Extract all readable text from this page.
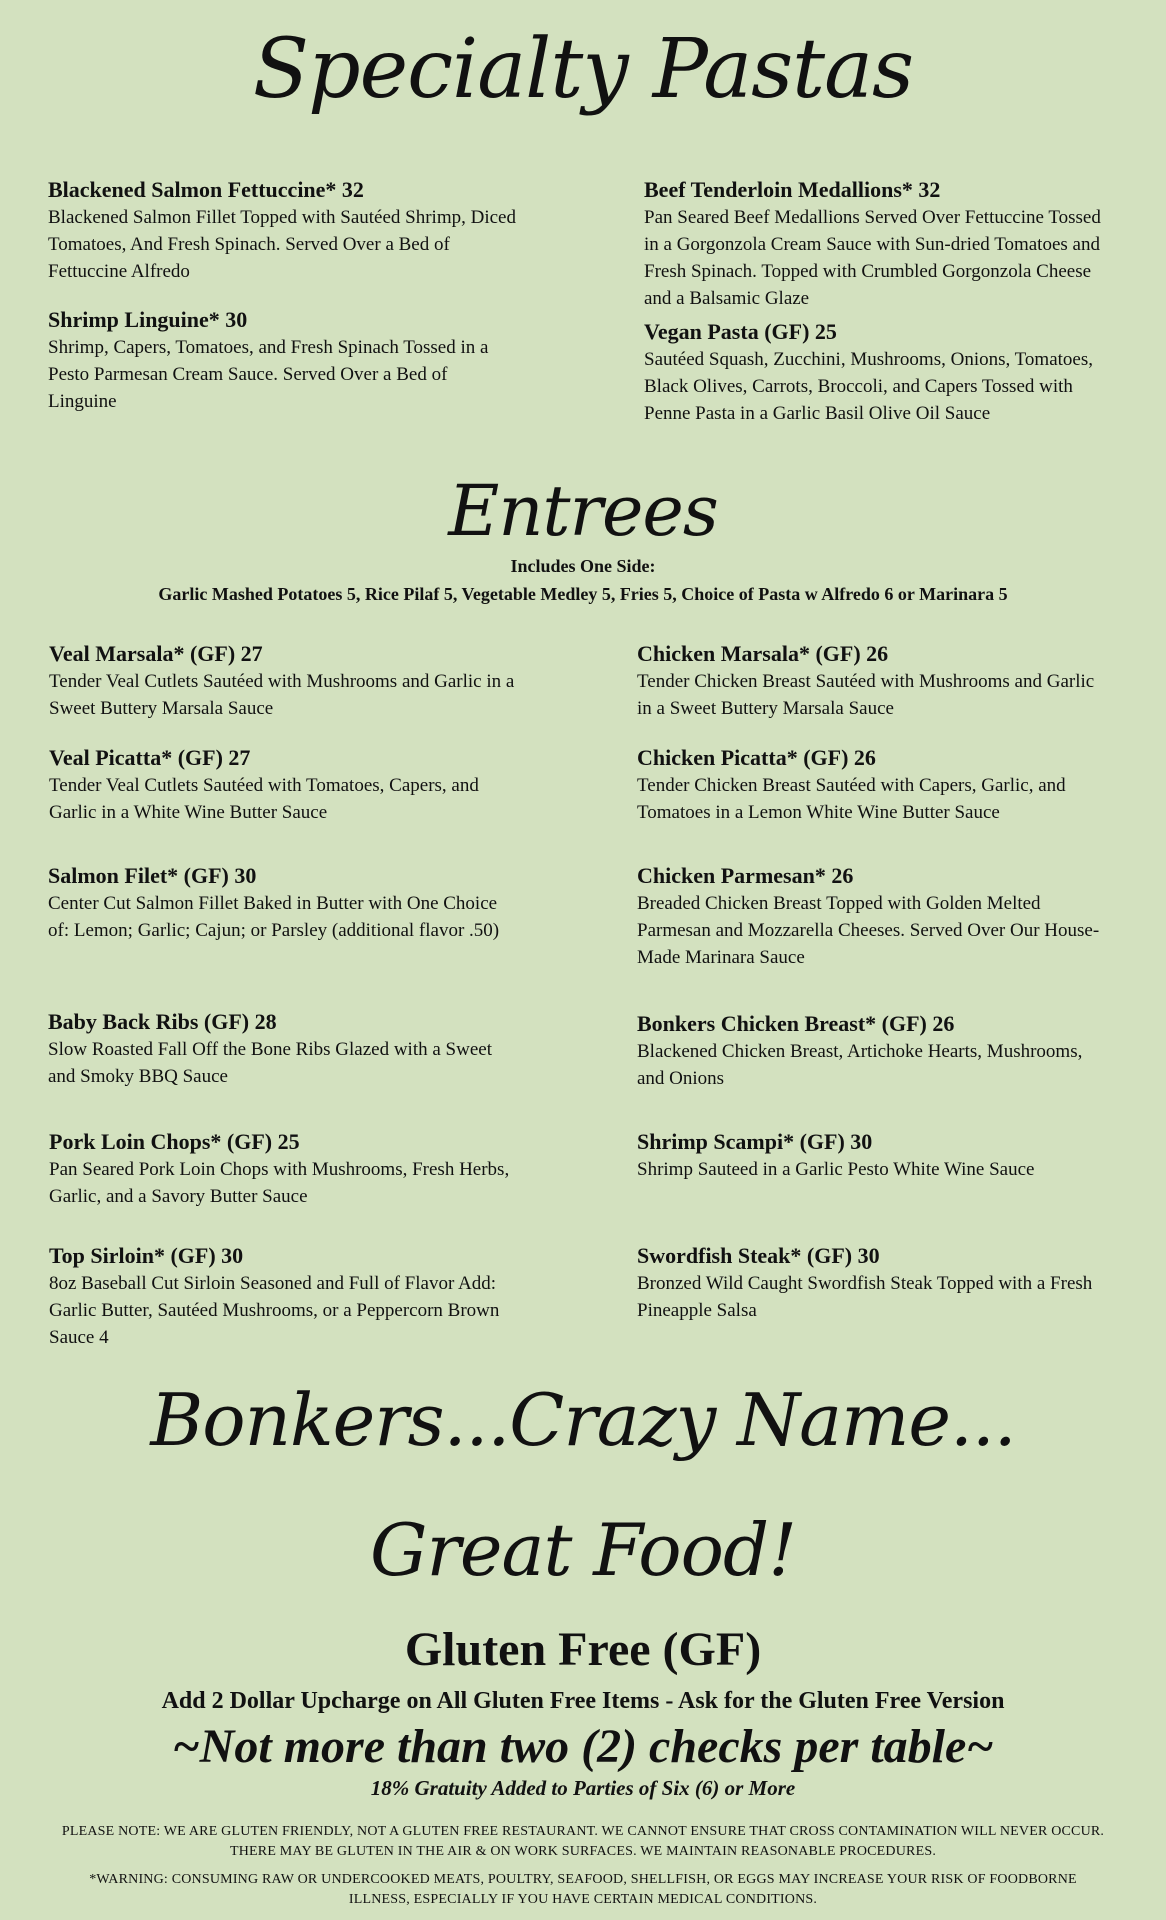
Specialty Pastas
Blackened Salmon Fettuccine* 32
Blackened Salmon Fillet Topped with Sautéed Shrimp, Diced Tomatoes, And Fresh Spinach. Served Over a Bed of Fettuccine Alfredo
Shrimp Linguine* 30
Shrimp, Capers, Tomatoes, and Fresh Spinach Tossed in a Pesto Parmesan Cream Sauce. Served Over a Bed of Linguine
Beef Tenderloin Medallions* 32
Pan Seared Beef Medallions Served Over Fettuccine Tossed in a Gorgonzola Cream Sauce with Sun-dried Tomatoes and Fresh Spinach. Topped with Crumbled Gorgonzola Cheese and a Balsamic Glaze
Vegan Pasta (GF) 25
Sautéed Squash, Zucchini, Mushrooms, Onions, Tomatoes, Black Olives, Carrots, Broccoli, and Capers Tossed with Penne Pasta in a Garlic Basil Olive Oil Sauce
Entrees
Includes One Side:
Garlic Mashed Potatoes 5, Rice Pilaf 5, Vegetable Medley 5, Fries 5, Choice of Pasta w Alfredo 6 or Marinara 5
Veal Marsala* (GF) 27
Tender Veal Cutlets Sautéed with Mushrooms and Garlic in a Sweet Buttery Marsala Sauce
Veal Picatta* (GF) 27
Tender Veal Cutlets Sautéed with Tomatoes, Capers, and Garlic in a White Wine Butter Sauce
Salmon Filet* (GF) 30
Center Cut Salmon Fillet Baked in Butter with One Choice of: Lemon; Garlic; Cajun; or Parsley (additional flavor .50)
Baby Back Ribs (GF) 28
Slow Roasted Fall Off the Bone Ribs Glazed with a Sweet and Smoky BBQ Sauce
Pork Loin Chops* (GF) 25
Pan Seared Pork Loin Chops with Mushrooms, Fresh Herbs, Garlic, and a Savory Butter Sauce
Top Sirloin* (GF) 30
8oz Baseball Cut Sirloin Seasoned and Full of Flavor Add: Garlic Butter, Sautéed Mushrooms, or a Peppercorn Brown Sauce 4
Chicken Marsala* (GF) 26
Tender Chicken Breast Sautéed with Mushrooms and Garlic in a Sweet Buttery Marsala Sauce
Chicken Picatta* (GF) 26
Tender Chicken Breast Sautéed with Capers, Garlic, and Tomatoes in a Lemon White Wine Butter Sauce
Chicken Parmesan* 26
Breaded Chicken Breast Topped with Golden Melted Parmesan and Mozzarella Cheeses. Served Over Our House-Made Marinara Sauce
Bonkers Chicken Breast* (GF) 26
Blackened Chicken Breast, Artichoke Hearts, Mushrooms, and Onions
Shrimp Scampi* (GF) 30
Shrimp Sauteed in a Garlic Pesto White Wine Sauce
Swordfish Steak* (GF) 30
Bronzed Wild Caught Swordfish Steak Topped with a Fresh Pineapple Salsa
Bonkers...Crazy Name...
Great Food!
Gluten Free (GF)
Add 2 Dollar Upcharge on All Gluten Free Items - Ask for the Gluten Free Version
~Not more than two (2) checks per table~
18% Gratuity Added to Parties of Six (6) or More
PLEASE NOTE: WE ARE GLUTEN FRIENDLY, NOT A GLUTEN FREE RESTAURANT. WE CANNOT ENSURE THAT CROSS CONTAMINATION WILL NEVER OCCUR. THERE MAY BE GLUTEN IN THE AIR & ON WORK SURFACES. WE MAINTAIN REASONABLE PROCEDURES.
*WARNING: CONSUMING RAW OR UNDERCOOKED MEATS, POULTRY, SEAFOOD, SHELLFISH, OR EGGS MAY INCREASE YOUR RISK OF FOODBORNE ILLNESS, ESPECIALLY IF YOU HAVE CERTAIN MEDICAL CONDITIONS.
